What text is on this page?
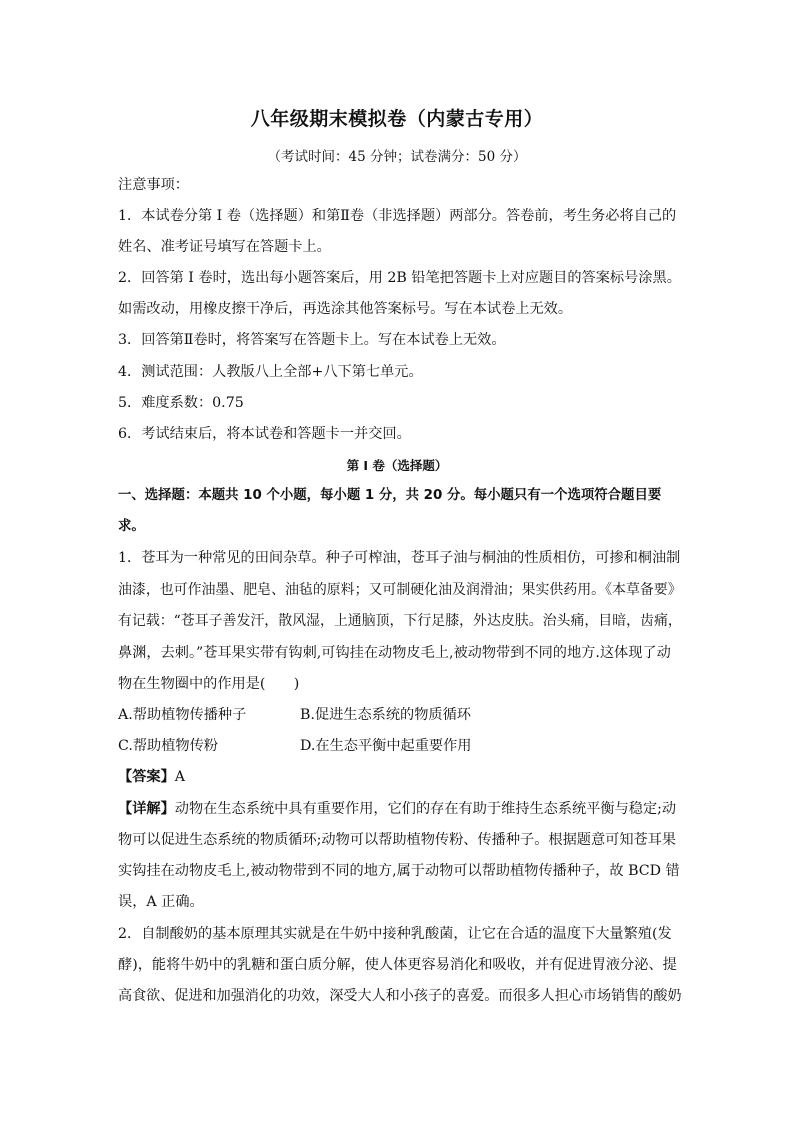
八年级期末模拟卷（内蒙古专用）
（考试时间：45 分钟；试卷满分：50 分）
注意事项：
1．本试卷分第 I 卷（选择题）和第Ⅱ卷（非选择题）两部分。答卷前，考生务必将自己的
姓名、准考证号填写在答题卡上。
2．回答第 I 卷时，选出每小题答案后，用 2B 铅笔把答题卡上对应题目的答案标号涂黑。
如需改动，用橡皮擦干净后，再选涂其他答案标号。写在本试卷上无效。
3．回答第Ⅱ卷时，将答案写在答题卡上。写在本试卷上无效。
4．测试范围：人教版八上全部+八下第七单元。
5．难度系数：0.75
6．考试结束后，将本试卷和答题卡一并交回。
第 I 卷（选择题）
一、选择题：本题共 10 个小题，每小题 1 分，共 20 分。每小题只有一个选项符合题目要
求。
1．苍耳为一种常见的田间杂草。种子可榨油，苍耳子油与桐油的性质相仿，可掺和桐油制
油漆，也可作油墨、肥皂、油毡的原料；又可制硬化油及润滑油；果实供药用。《本草备要》
有记载：“苍耳子善发汗，散风湿，上通脑顶，下行足膝，外达皮肤。治头痛，目暗，齿痛，
鼻渊，去刺。”苍耳果实带有钩刺,可钩挂在动物皮毛上,被动物带到不同的地方.这体现了动
物在生物圈中的作用是(　　)
A.帮助植物传播种子	B.促进生态系统的物质循环
C.帮助植物传粉	D.在生态平衡中起重要作用
【答案】A
【详解】动物在生态系统中具有重要作用，它们的存在有助于维持生态系统平衡与稳定;动
物可以促进生态系统的物质循环;动物可以帮助植物传粉、传播种子。根据题意可知苍耳果
实钩挂在动物皮毛上,被动物带到不同的地方,属于动物可以帮助植物传播种子，故 BCD 错
误，A 正确。
2．自制酸奶的基本原理其实就是在牛奶中接种乳酸菌，让它在合适的温度下大量繁殖(发
酵)，能将牛奶中的乳糖和蛋白质分解，使人体更容易消化和吸收，并有促进胃液分泌、提
高食欲、促进和加强消化的功效，深受大人和小孩子的喜爱。而很多人担心市场销售的酸奶
